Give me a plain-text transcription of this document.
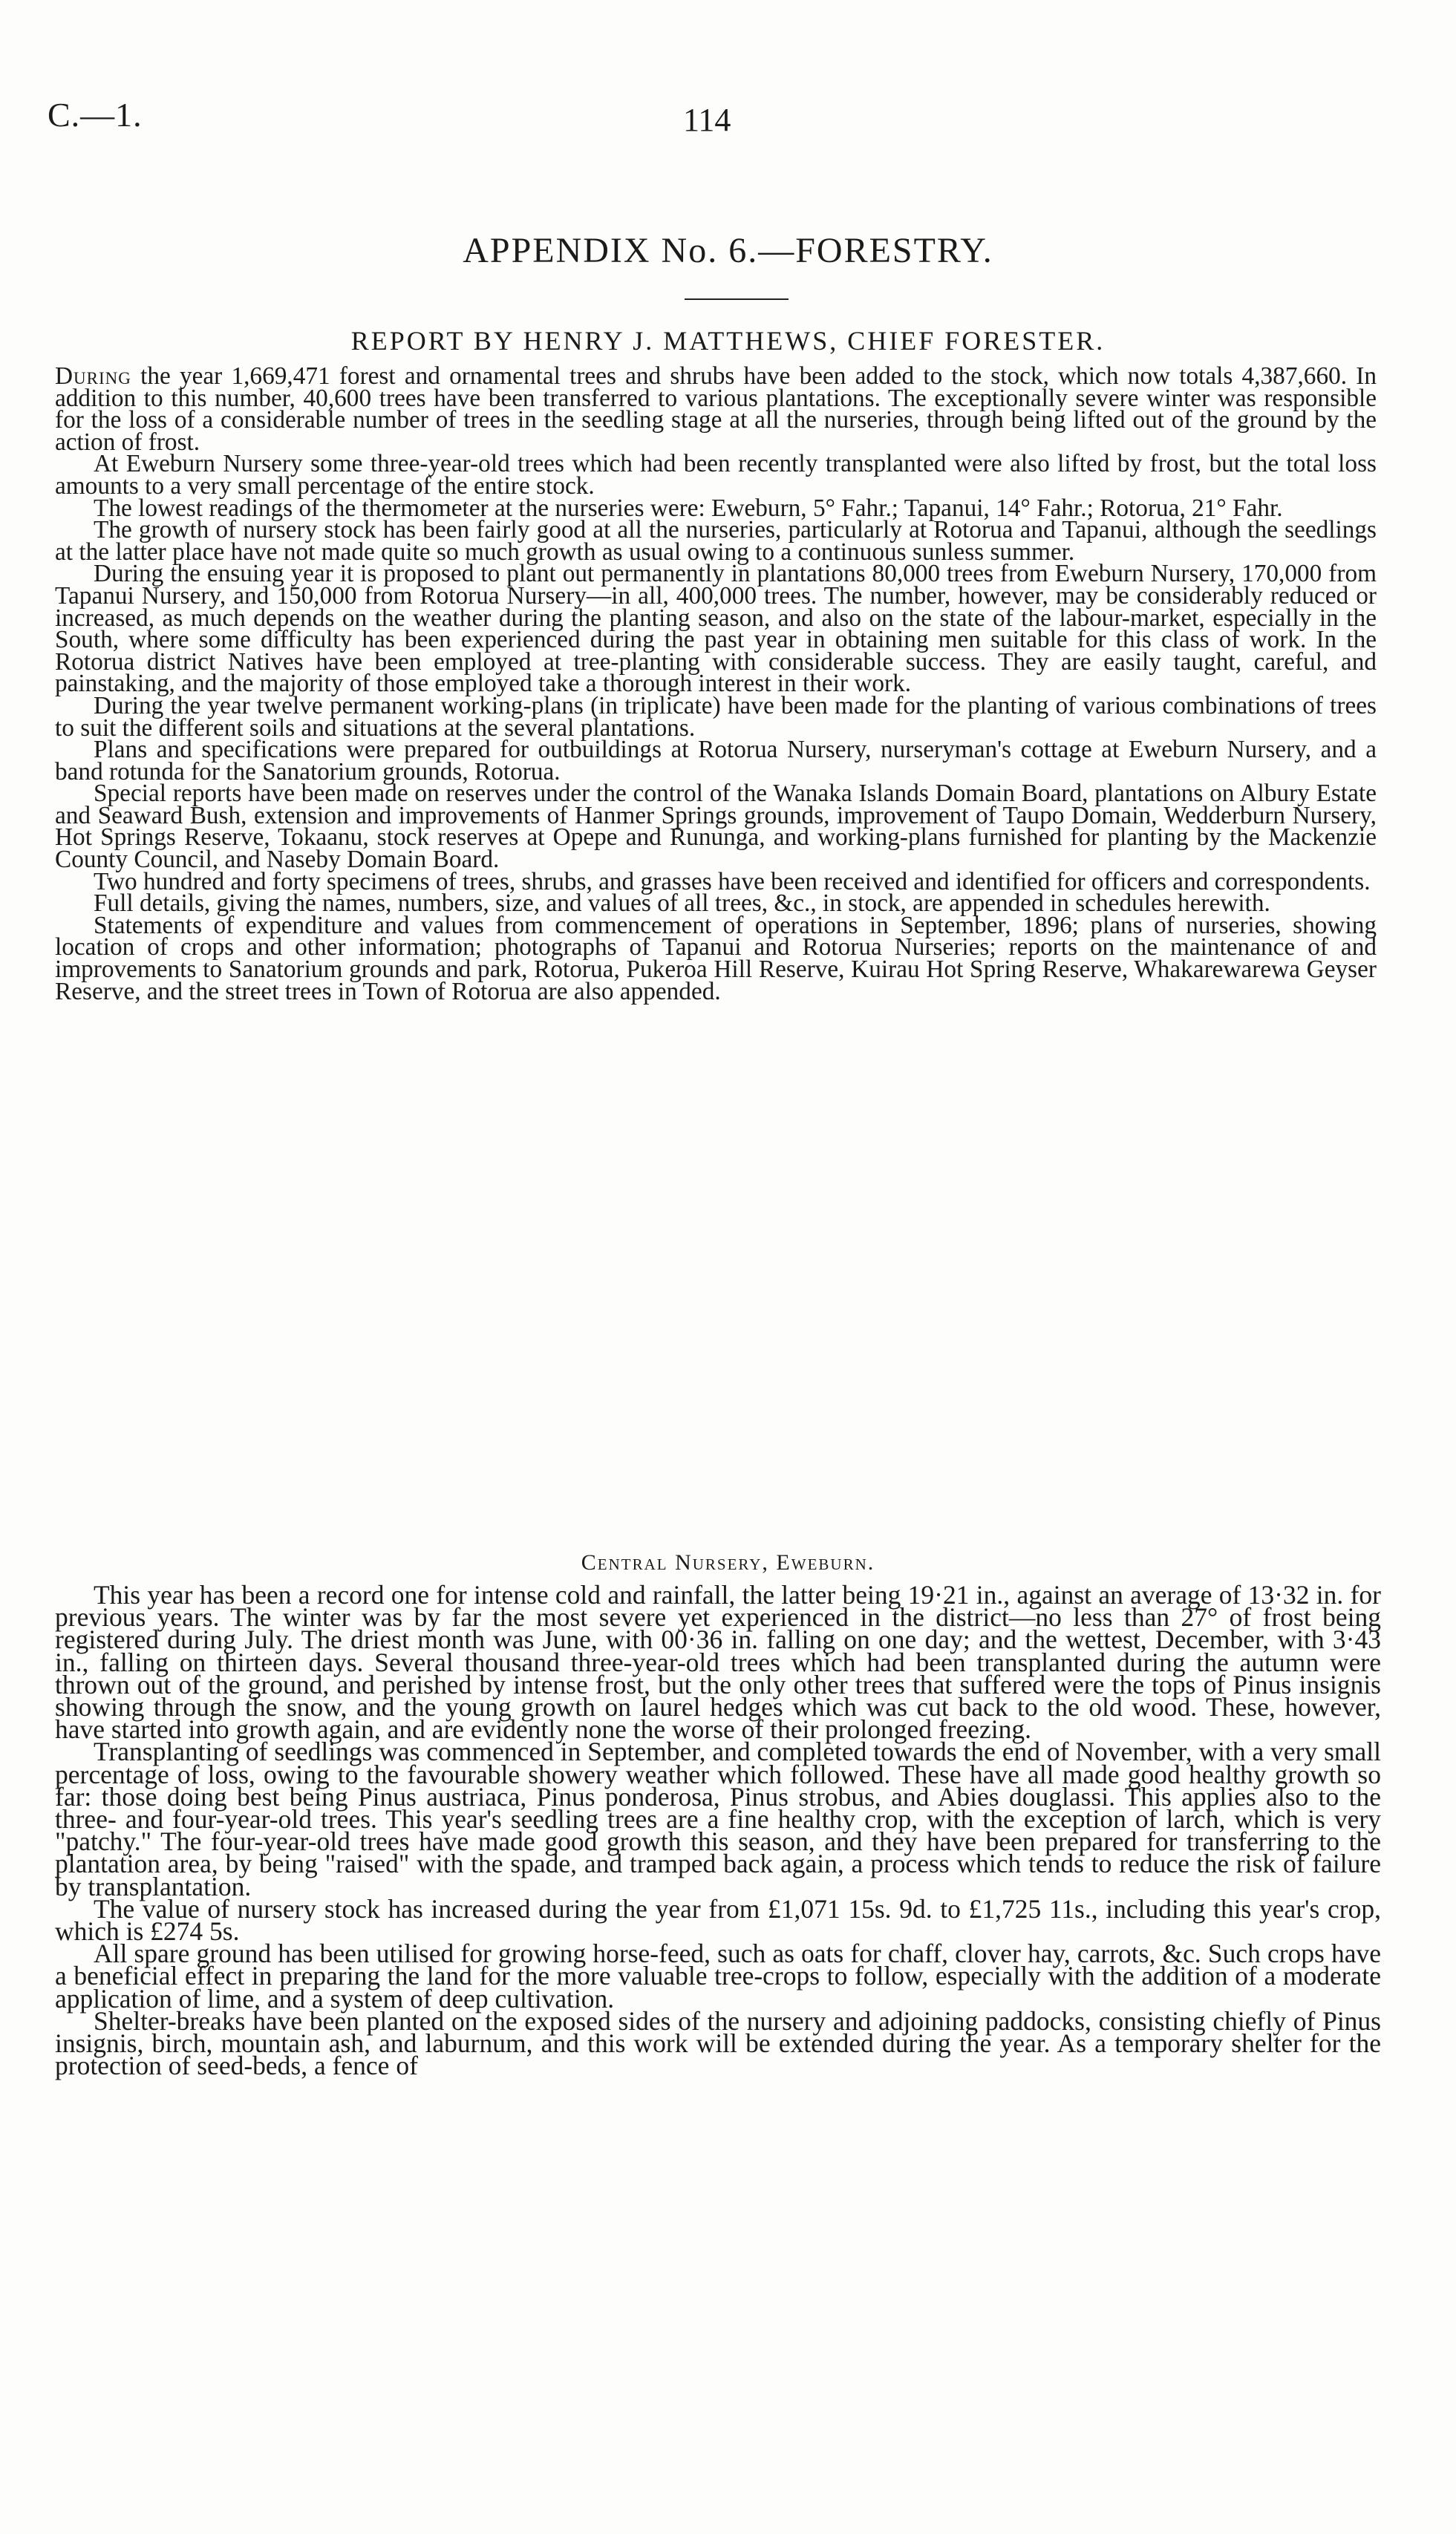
C.—1.	114
APPENDIX No. 6.—FORESTRY.
REPORT BY HENRY J. MATTHEWS, CHIEF FORESTER.

During the year 1,669,471 forest and ornamental trees and shrubs have been added to the stock, which now totals 4,387,660. In addition to this number, 40,600 trees have been transferred to various plantations. The exceptionally severe winter was responsible for the loss of a considerable number of trees in the seedling stage at all the nurseries, through being lifted out of the ground by the action of frost.

At Eweburn Nursery some three-year-old trees which had been recently transplanted were also lifted by frost, but the total loss amounts to a very small percentage of the entire stock.

The lowest readings of the thermometer at the nurseries were: Eweburn, 5° Fahr.; Tapanui, 14° Fahr.; Rotorua, 21° Fahr.

The growth of nursery stock has been fairly good at all the nurseries, particularly at Rotorua and Tapanui, although the seedlings at the latter place have not made quite so much growth as usual owing to a continuous sunless summer.

During the ensuing year it is proposed to plant out permanently in plantations 80,000 trees from Eweburn Nursery, 170,000 from Tapanui Nursery, and 150,000 from Rotorua Nursery—in all, 400,000 trees. The number, however, may be considerably reduced or increased, as much depends on the weather during the planting season, and also on the state of the labour-market, especially in the South, where some difficulty has been experienced during the past year in obtaining men suitable for this class of work. In the Rotorua district Natives have been employed at tree-planting with considerable success. They are easily taught, careful, and painstaking, and the majority of those employed take a thorough interest in their work.

During the year twelve permanent working-plans (in triplicate) have been made for the planting of various combinations of trees to suit the different soils and situations at the several plantations.

Plans and specifications were prepared for outbuildings at Rotorua Nursery, nurseryman's cottage at Eweburn Nursery, and a band rotunda for the Sanatorium grounds, Rotorua.

Special reports have been made on reserves under the control of the Wanaka Islands Domain Board, plantations on Albury Estate and Seaward Bush, extension and improvements of Hanmer Springs grounds, improvement of Taupo Domain, Wedderburn Nursery, Hot Springs Reserve, Tokaanu, stock reserves at Opepe and Rununga, and working-plans furnished for planting by the Mackenzie County Council, and Naseby Domain Board.

Two hundred and forty specimens of trees, shrubs, and grasses have been received and identified for officers and correspondents.

Full details, giving the names, numbers, size, and values of all trees, &c., in stock, are appended in schedules herewith.

Statements of expenditure and values from commencement of operations in September, 1896; plans of nurseries, showing location of crops and other information; photographs of Tapanui and Rotorua Nurseries; reports on the maintenance of and improvements to Sanatorium grounds and park, Rotorua, Pukeroa Hill Reserve, Kuirau Hot Spring Reserve, Whakarewarewa Geyser Reserve, and the street trees in Town of Rotorua are also appended.

Central Nursery, Eweburn.

This year has been a record one for intense cold and rainfall, the latter being 19·21 in., against an average of 13·32 in. for previous years. The winter was by far the most severe yet experienced in the district—no less than 27° of frost being registered during July. The driest month was June, with 00·36 in. falling on one day; and the wettest, December, with 3·43 in., falling on thirteen days. Several thousand three-year-old trees which had been transplanted during the autumn were thrown out of the ground, and perished by intense frost, but the only other trees that suffered were the tops of Pinus insignis showing through the snow, and the young growth on laurel hedges which was cut back to the old wood. These, however, have started into growth again, and are evidently none the worse of their prolonged freezing.

Transplanting of seedlings was commenced in September, and completed towards the end of November, with a very small percentage of loss, owing to the favourable showery weather which followed. These have all made good healthy growth so far: those doing best being Pinus austriaca, Pinus ponderosa, Pinus strobus, and Abies douglassi. This applies also to the three- and four-year-old trees. This year's seedling trees are a fine healthy crop, with the exception of larch, which is very "patchy." The four-year-old trees have made good growth this season, and they have been prepared for transferring to the plantation area, by being "raised" with the spade, and tramped back again, a process which tends to reduce the risk of failure by transplantation.

The value of nursery stock has increased during the year from £1,071 15s. 9d. to £1,725 11s., including this year's crop, which is £274 5s.

All spare ground has been utilised for growing horse-feed, such as oats for chaff, clover hay, carrots, &c. Such crops have a beneficial effect in preparing the land for the more valuable tree-crops to follow, especially with the addition of a moderate application of lime, and a system of deep cultivation.

Shelter-breaks have been planted on the exposed sides of the nursery and adjoining paddocks, consisting chiefly of Pinus insignis, birch, mountain ash, and laburnum, and this work will be extended during the year. As a temporary shelter for the protection of seed-beds, a fence of
